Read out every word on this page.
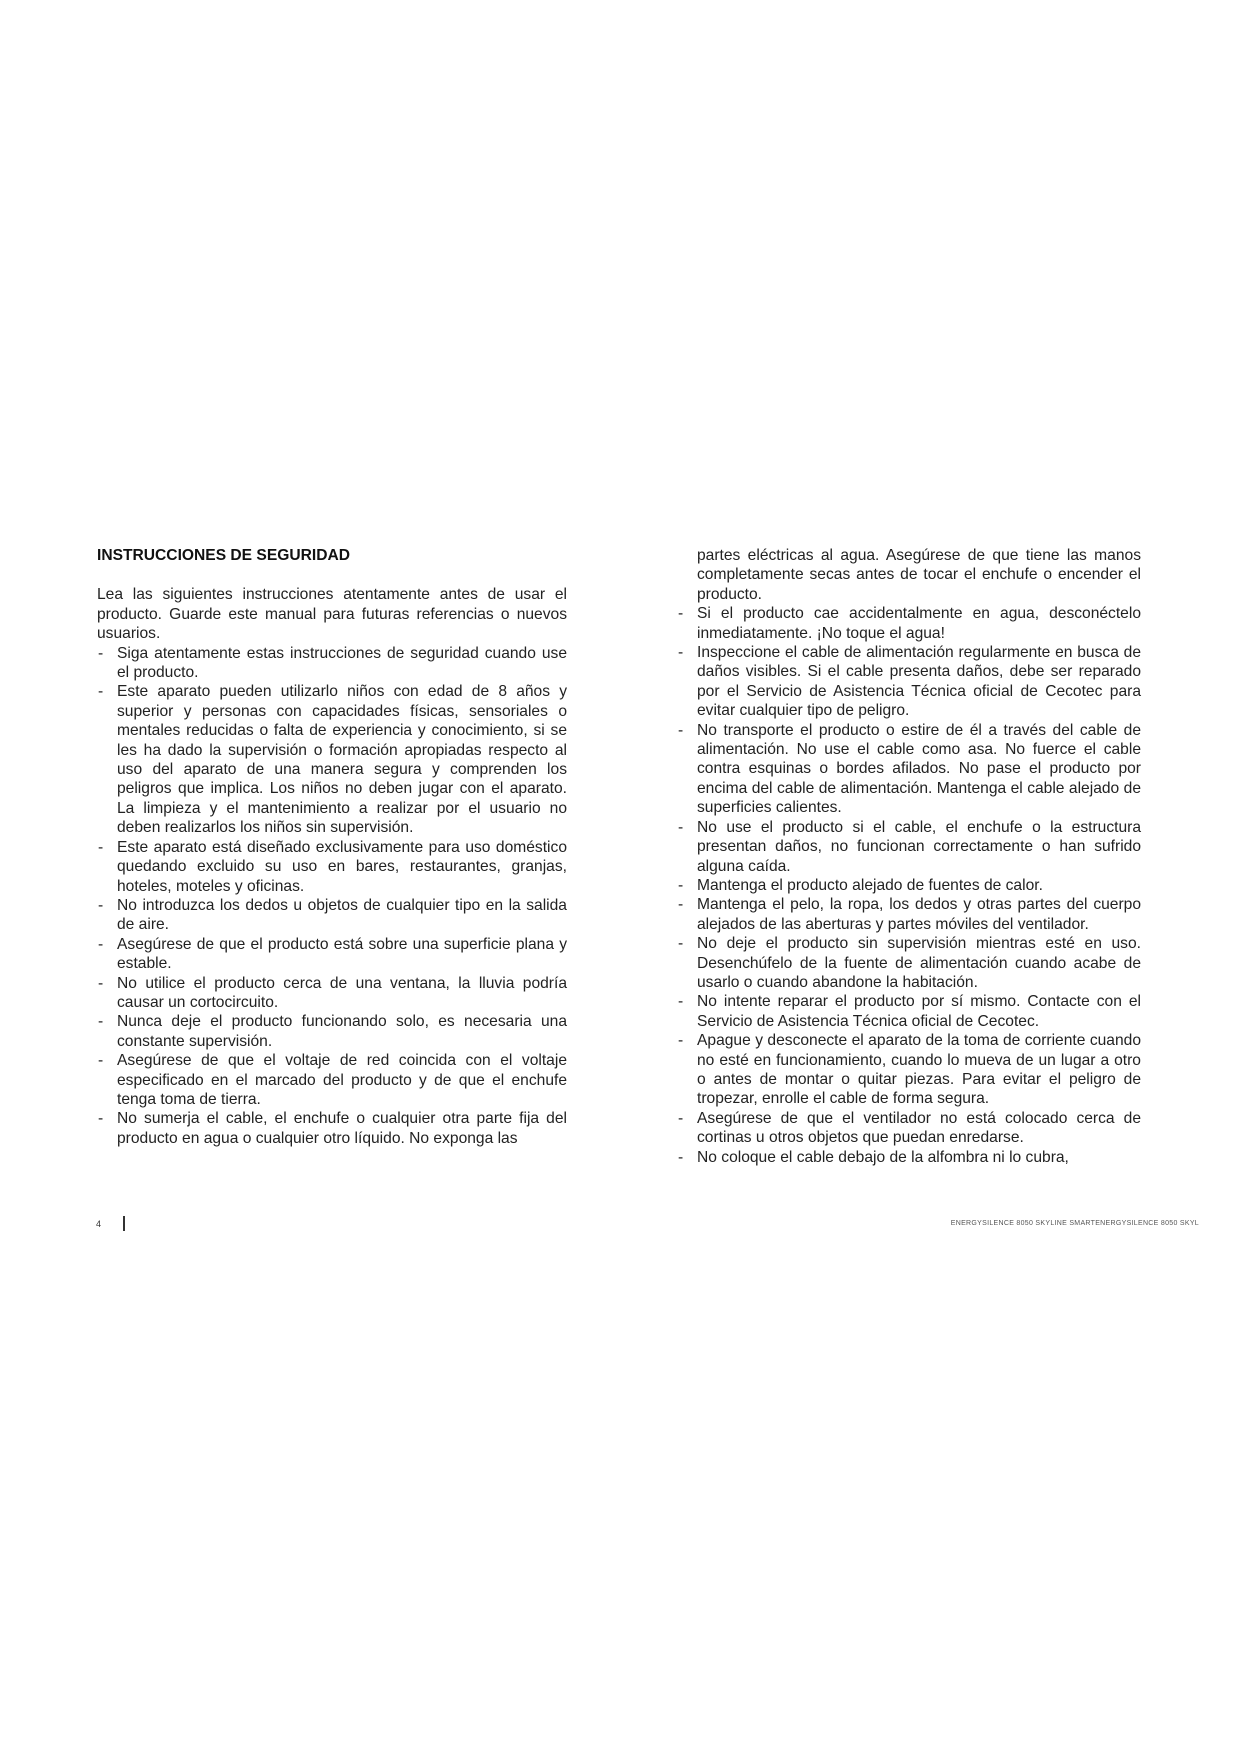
INSTRUCCIONES DE SEGURIDAD

Lea las siguientes instrucciones atentamente antes de usar el producto. Guarde este manual para futuras referencias o nuevos usuarios.

- Siga atentamente estas instrucciones de seguridad cuando use el producto.
- Este aparato pueden utilizarlo niños con edad de 8 años y superior y personas con capacidades físicas, sensoriales o mentales reducidas o falta de experiencia y conocimiento, si se les ha dado la supervisión o formación apropiadas respecto al uso del aparato de una manera segura y comprenden los peligros que implica. Los niños no deben jugar con el aparato. La limpieza y el mantenimiento a realizar por el usuario no deben realizarlos los niños sin supervisión.
- Este aparato está diseñado exclusivamente para uso doméstico quedando excluido su uso en bares, restaurantes, granjas, hoteles, moteles y oficinas.
- No introduzca los dedos u objetos de cualquier tipo en la salida de aire.
- Asegúrese de que el producto está sobre una superficie plana y estable.
- No utilice el producto cerca de una ventana, la lluvia podría causar un cortocircuito.
- Nunca deje el producto funcionando solo, es necesaria una constante supervisión.
- Asegúrese de que el voltaje de red coincida con el voltaje especificado en el marcado del producto y de que el enchufe tenga toma de tierra.
- No sumerja el cable, el enchufe o cualquier otra parte fija del producto en agua o cualquier otro líquido. No exponga las

partes eléctricas al agua. Asegúrese de que tiene las manos completamente secas antes de tocar el enchufe o encender el producto.

- Si el producto cae accidentalmente en agua, desconéctelo inmediatamente. ¡No toque el agua!
- Inspeccione el cable de alimentación regularmente en busca de daños visibles. Si el cable presenta daños, debe ser reparado por el Servicio de Asistencia Técnica oficial de Cecotec para evitar cualquier tipo de peligro.
- No transporte el producto o estire de él a través del cable de alimentación. No use el cable como asa. No fuerce el cable contra esquinas o bordes afilados. No pase el producto por encima del cable de alimentación. Mantenga el cable alejado de superficies calientes.
- No use el producto si el cable, el enchufe o la estructura presentan daños, no funcionan correctamente o han sufrido alguna caída.
- Mantenga el producto alejado de fuentes de calor.
- Mantenga el pelo, la ropa, los dedos y otras partes del cuerpo alejados de las aberturas y partes móviles del ventilador.
- No deje el producto sin supervisión mientras esté en uso. Desenchúfelo de la fuente de alimentación cuando acabe de usarlo o cuando abandone la habitación.
- No intente reparar el producto por sí mismo. Contacte con el Servicio de Asistencia Técnica oficial de Cecotec.
- Apague y desconecte el aparato de la toma de corriente cuando no esté en funcionamiento, cuando lo mueva de un lugar a otro o antes de montar o quitar piezas. Para evitar el peligro de tropezar, enrolle el cable de forma segura.
- Asegúrese de que el ventilador no está colocado cerca de cortinas u otros objetos que puedan enredarse.
- No coloque el cable debajo de la alfombra ni lo cubra,
4	ENERGYSILENCE 8050 SKYLINE SMARTENERGYSILENCE 8050 SKYL
